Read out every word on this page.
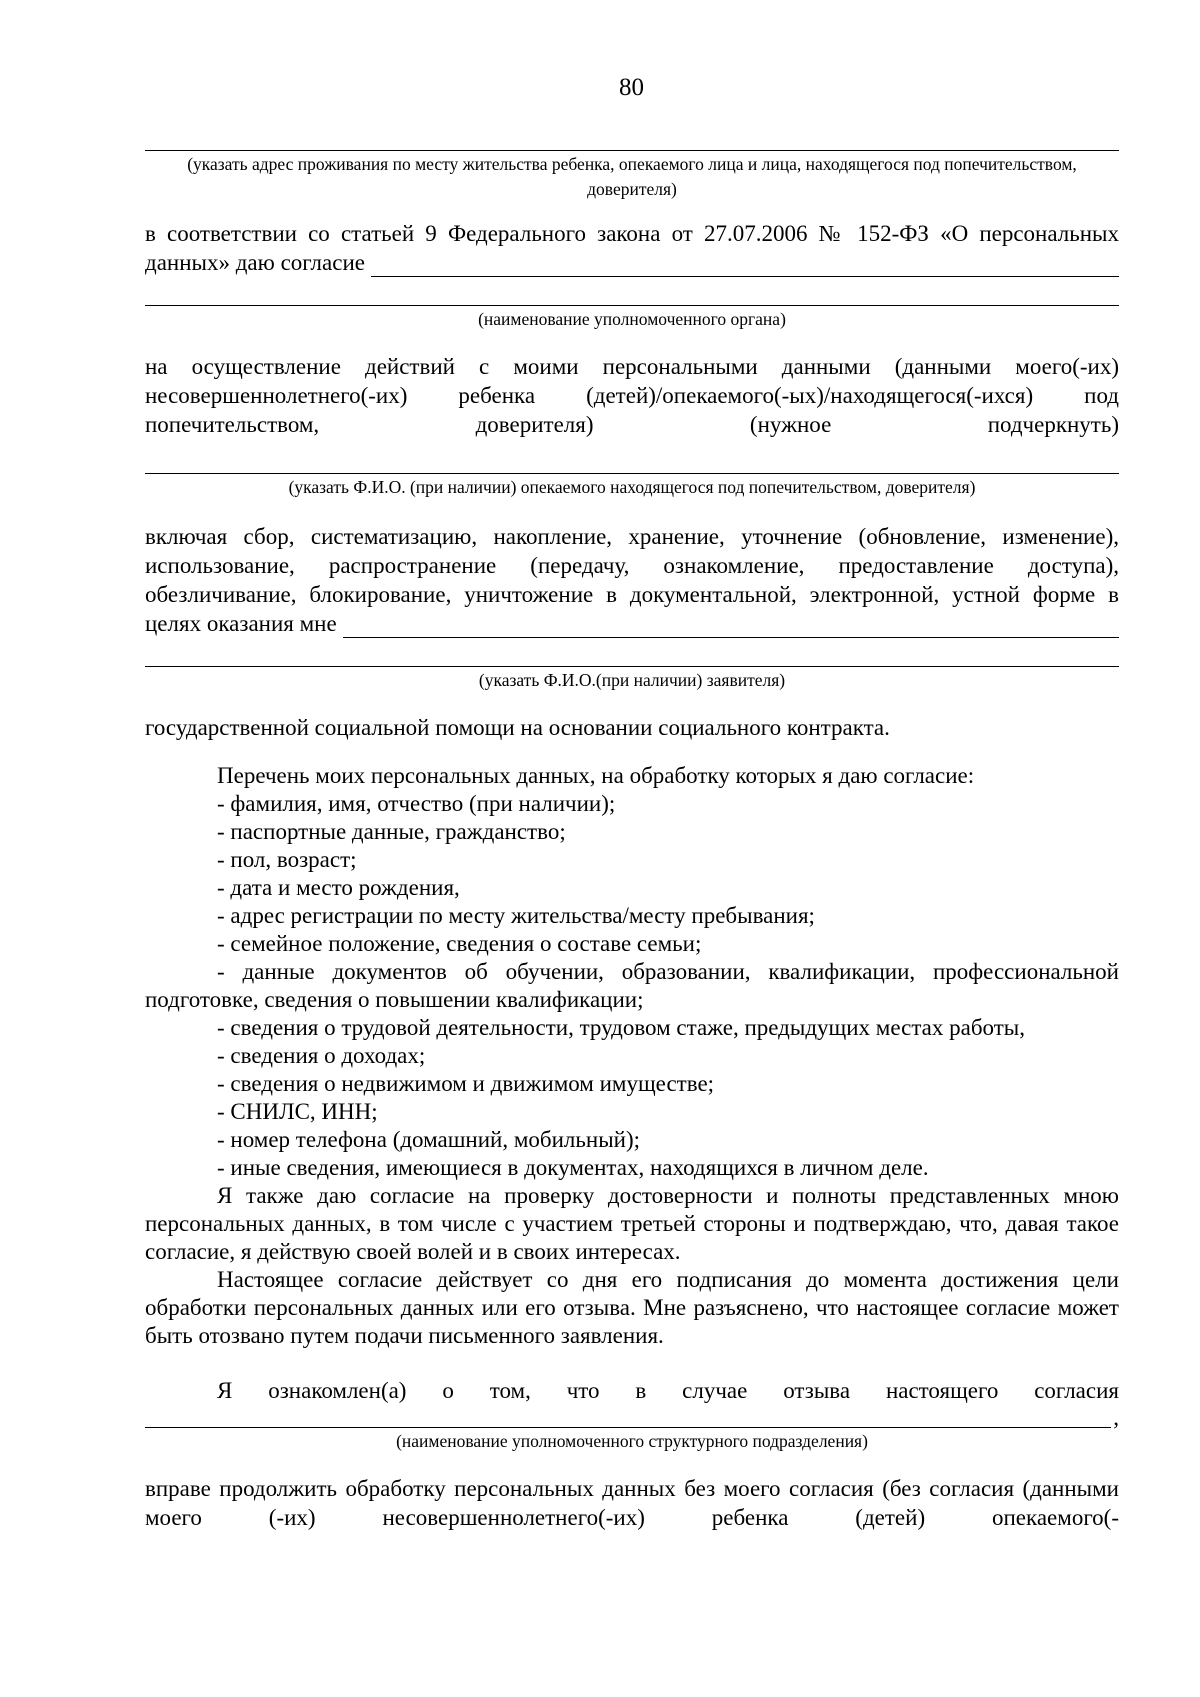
80
(указать адрес проживания по месту жительства ребенка, опекаемого лица и лица, находящегося под попечительством, доверителя)

в соответствии со статьей 9 Федерального закона от 27.07.2006 № 152-ФЗ «О персональных

данных» даю согласие
(наименование уполномоченного органа)

на осуществление действий с моими персональными данными (данными моего(-их) несовершеннолетнего(-их) ребенка (детей)/опекаемого(-ых)/находящегося(-ихся) под попечительством, доверителя) (нужное подчеркнуть)

(указать Ф.И.О. (при наличии) опекаемого находящегося под попечительством, доверителя)

включая сбор, систематизацию, накопление, хранение, уточнение (обновление, изменение), использование, распространение (передачу, ознакомление, предоставление доступа), обезличивание, блокирование, уничтожение в документальной, электронной, устной форме в

целях оказания мне
(указать Ф.И.О.(при наличии) заявителя)

государственной социальной помощи на основании социального контракта.

Перечень моих персональных данных, на обработку которых я даю согласие:

- фамилия, имя, отчество (при наличии);

- паспортные данные, гражданство;

- пол, возраст;

- дата и место рождения,

- адрес регистрации по месту жительства/месту пребывания;

- семейное положение, сведения о составе семьи;

- данные документов об обучении, образовании, квалификации, профессиональной подготовке, сведения о повышении квалификации;

- сведения о трудовой деятельности, трудовом стаже, предыдущих местах работы,

- сведения о доходах;

- сведения о недвижимом и движимом имуществе;

- СНИЛС, ИНН;

- номер телефона (домашний, мобильный);

- иные сведения, имеющиеся в документах, находящихся в личном деле.

Я также даю согласие на проверку достоверности и полноты представленных мною персональных данных, в том числе с участием третьей стороны и подтверждаю, что, давая такое согласие, я действую своей волей и в своих интересах.

Настоящее согласие действует со дня его подписания до момента достижения цели обработки персональных данных или его отзыва. Мне разъяснено, что настоящее согласие может быть отозвано путем подачи письменного заявления.

Я ознакомлен(а) о том, что в случае отзыва настоящего согласия

,
(наименование уполномоченного структурного подразделения)

вправе продолжить обработку персональных данных без моего согласия (без согласия (данными моего (-их) несовершеннолетнего(-их) ребенка (детей) опекаемого(-
